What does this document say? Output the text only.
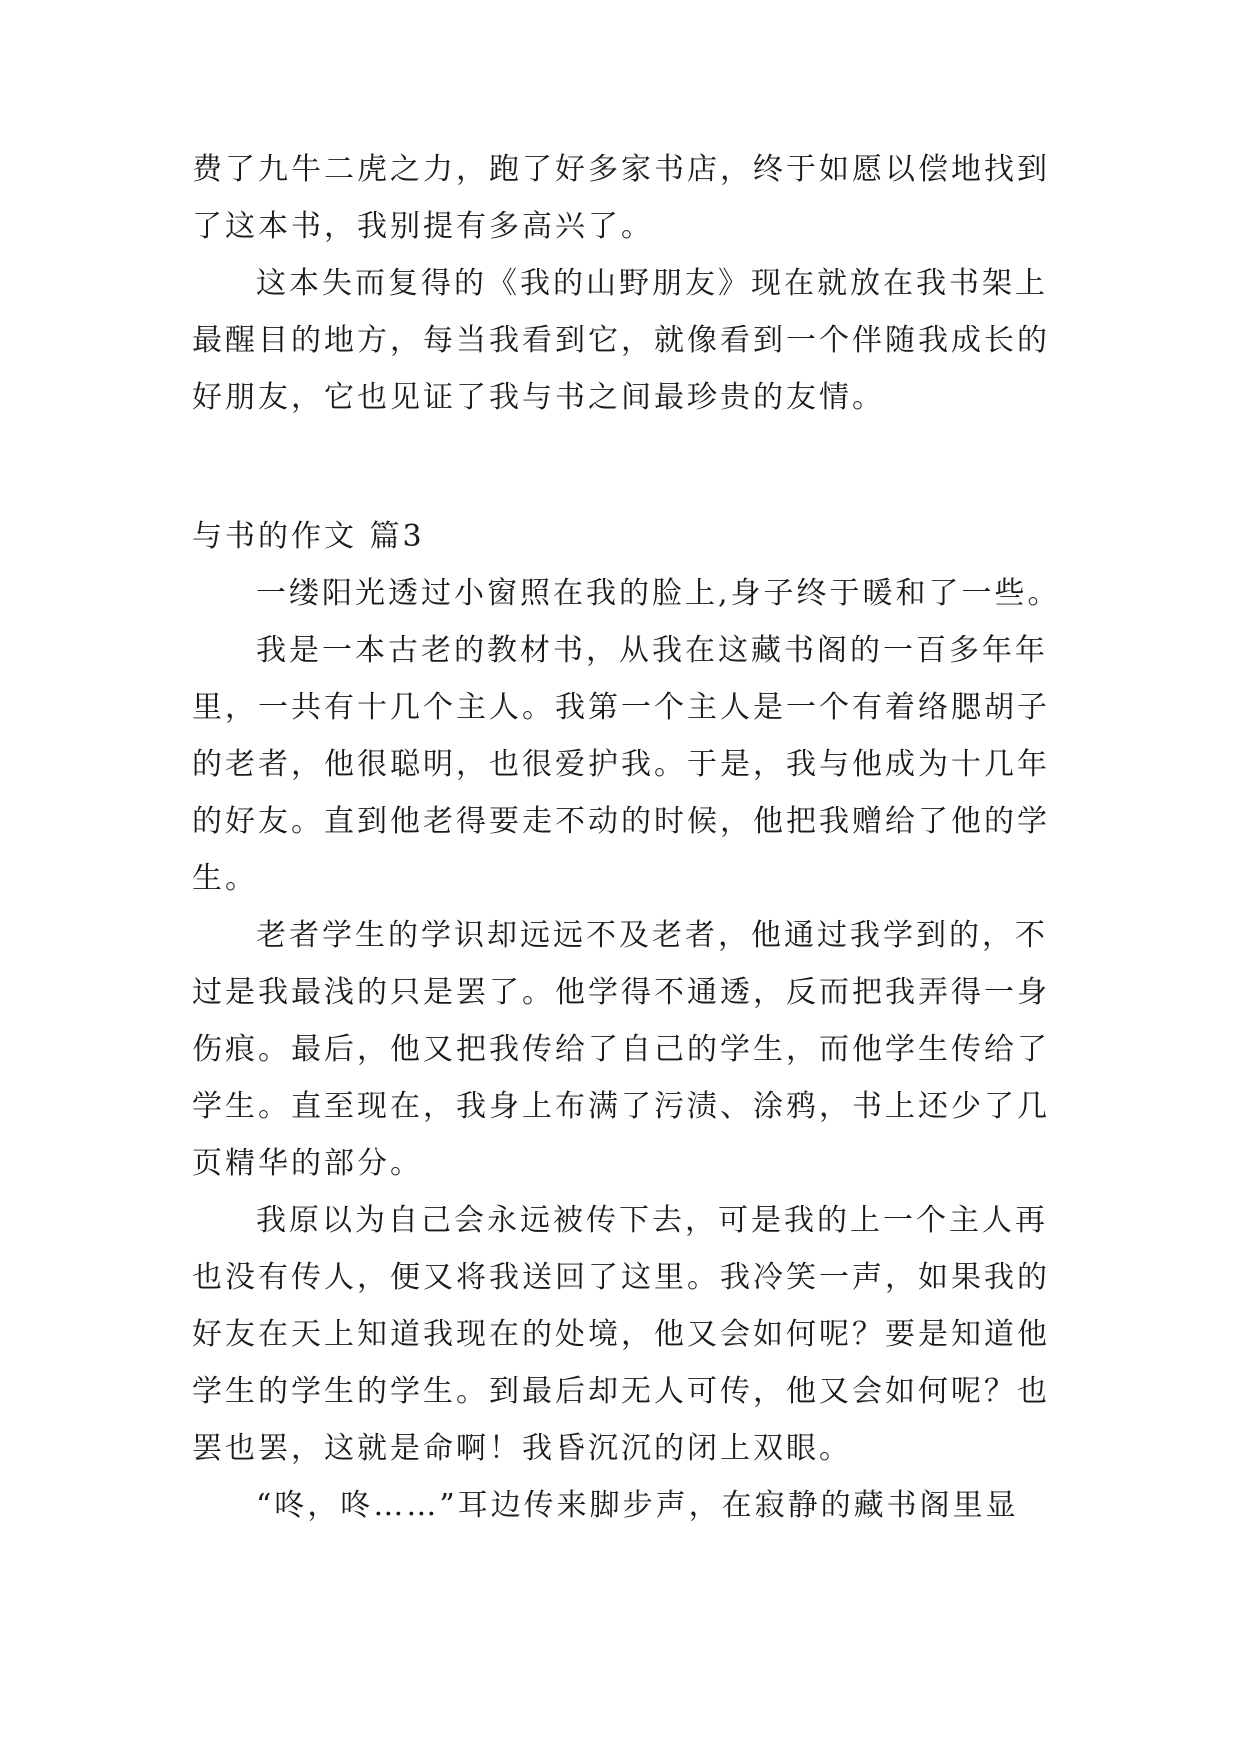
费了九牛二虎之力，跑了好多家书店，终于如愿以偿地找到
了这本书，我别提有多高兴了。
这本失而复得的《我的山野朋友》现在就放在我书架上
最醒目的地方，每当我看到它，就像看到一个伴随我成长的
好朋友，它也见证了我与书之间最珍贵的友情。
与书的作文 篇3
一缕阳光透过小窗照在我的脸上,身子终于暖和了一些。
我是一本古老的教材书，从我在这藏书阁的一百多年年
里，一共有十几个主人。我第一个主人是一个有着络腮胡子
的老者，他很聪明，也很爱护我。于是，我与他成为十几年
的好友。直到他老得要走不动的时候，他把我赠给了他的学
生。
老者学生的学识却远远不及老者，他通过我学到的，不
过是我最浅的只是罢了。他学得不通透，反而把我弄得一身
伤痕。最后，他又把我传给了自己的学生，而他学生传给了
学生。直至现在，我身上布满了污渍、涂鸦，书上还少了几
页精华的部分。
我原以为自己会永远被传下去，可是我的上一个主人再
也没有传人，便又将我送回了这里。我冷笑一声，如果我的
好友在天上知道我现在的处境，他又会如何呢？要是知道他
学生的学生的学生。到最后却无人可传，他又会如何呢？也
罢也罢，这就是命啊！我昏沉沉的闭上双眼。
“咚，咚……”耳边传来脚步声，在寂静的藏书阁里显
